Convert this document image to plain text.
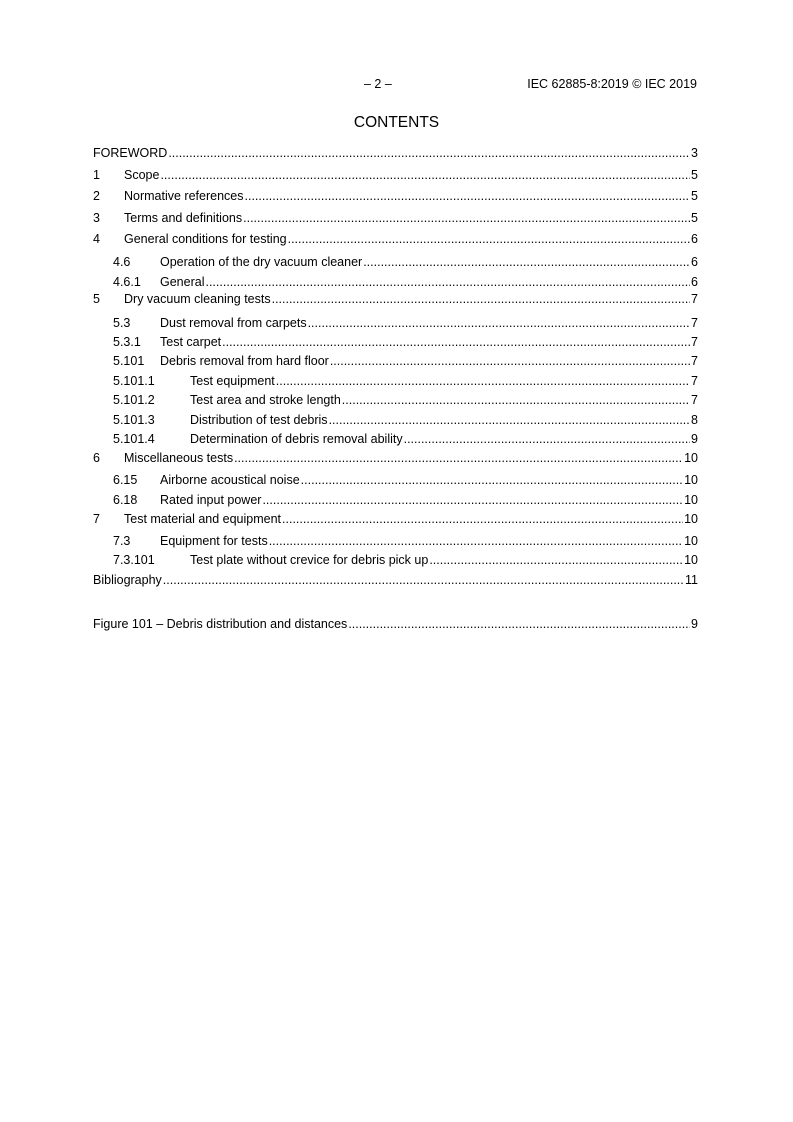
– 2 –	IEC 62885-8:2019 © IEC 2019
CONTENTS
FOREWORD .....	3
1	Scope .....	5
2	Normative references .....	5
3	Terms and definitions .....	5
4	General conditions for testing .....	6
4.6	Operation of the dry vacuum cleaner .....	6
4.6.1	General .....	6
5	Dry vacuum cleaning tests .....	7
5.3	Dust removal from carpets .....	7
5.3.1	Test carpet .....	7
5.101	Debris removal from hard floor .....	7
5.101.1	Test equipment .....	7
5.101.2	Test area and stroke length .....	7
5.101.3	Distribution of test debris .....	8
5.101.4	Determination of debris removal ability .....	9
6	Miscellaneous tests .....	10
6.15	Airborne acoustical noise .....	10
6.18	Rated input power .....	10
7	Test material and equipment .....	10
7.3	Equipment for tests .....	10
7.3.101	Test plate without crevice for debris pick up .....	10
Bibliography .....	11
Figure 101 – Debris distribution and distances .....	9
